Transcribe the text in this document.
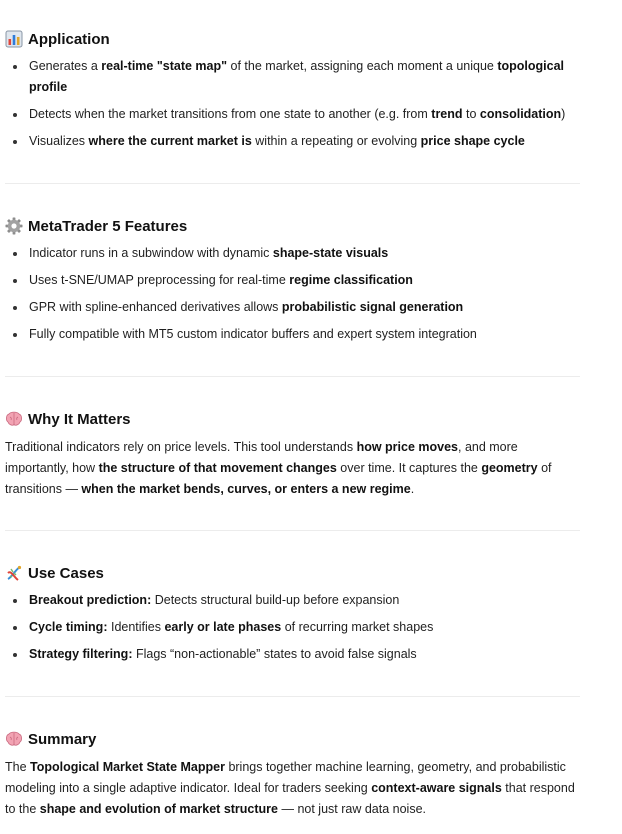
Application
Generates a real-time "state map" of the market, assigning each moment a unique topological profile
Detects when the market transitions from one state to another (e.g. from trend to consolidation)
Visualizes where the current market is within a repeating or evolving price shape cycle
MetaTrader 5 Features
Indicator runs in a subwindow with dynamic shape-state visuals
Uses t-SNE/UMAP preprocessing for real-time regime classification
GPR with spline-enhanced derivatives allows probabilistic signal generation
Fully compatible with MT5 custom indicator buffers and expert system integration
Why It Matters

Traditional indicators rely on price levels. This tool understands how price moves, and more importantly, how the structure of that movement changes over time. It captures the geometry of transitions — when the market bends, curves, or enters a new regime.

Use Cases
Breakout prediction: Detects structural build-up before expansion
Cycle timing: Identifies early or late phases of recurring market shapes
Strategy filtering: Flags “non-actionable” states to avoid false signals
Summary

The Topological Market State Mapper brings together machine learning, geometry, and probabilistic modeling into a single adaptive indicator. Ideal for traders seeking context-aware signals that respond to the shape and evolution of market structure — not just raw data noise.
